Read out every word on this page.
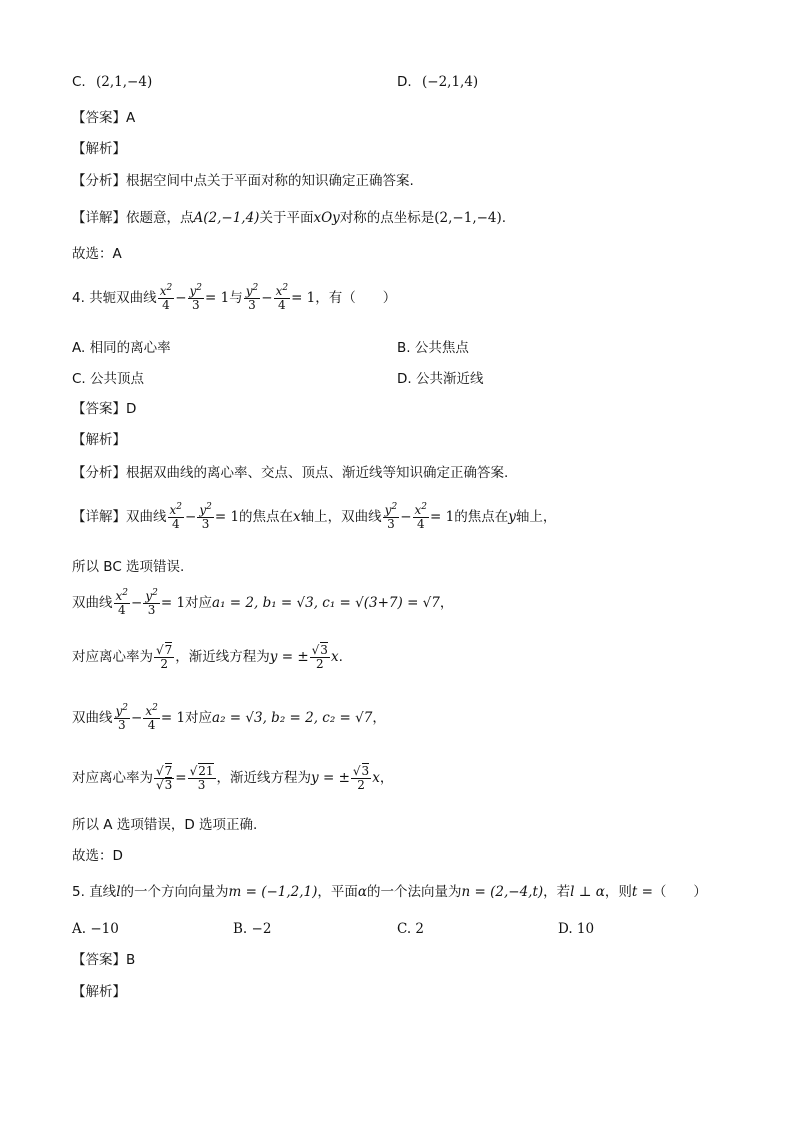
C. (2,1,−4)	D. (−2,1,4)
【答案】A
【解析】
【分析】根据空间中点关于平面对称的知识确定正确答案.
【详解】依题意，点A(2,−1,4)关于平面xOy对称的点坐标是(2,−1,−4).
故选：A
4. 共轭双曲线 $\frac{x^2}{4} - \frac{y^2}{3} = 1$与 $\frac{y^2}{3} - \frac{x^2}{4} = 1$，有（　　）
A. 相同的离心率	B. 公共焦点
C. 公共顶点	D. 公共渐近线
【答案】D
【解析】
【分析】根据双曲线的离心率、交点、顶点、渐近线等知识确定正确答案.
【详解】双曲线 $\frac{x^2}{4} - \frac{y^2}{3} = 1$的焦点在x轴上，双曲线 $\frac{y^2}{3} - \frac{x^2}{4} = 1$的焦点在y轴上，
所以 BC 选项错误.
双曲线 $\frac{x^2}{4} - \frac{y^2}{3} = 1$对应a₁ = 2, b₁ = √3, c₁ = √(3+7) = √7，
对应离心率为 $\frac{√7}{2}$ ，渐近线方程为y = ± $\frac{√3}{2} x$.
双曲线 $\frac{y^2}{3} - \frac{x^2}{4} = 1$对应a₂ = √3, b₂ = 2, c₂ = √7，
对应离心率为 $\frac{√7}{√3} = \frac{√21}{3}$ ，渐近线方程为y = ± $\frac{√3}{2}$ x，
所以 A 选项错误，D 选项正确.
故选：D
5. 直线l的一个方向向量为m = (−1,2,1)，平面α的一个法向量为n = (2,−4,t)，若l ⊥ α，则t =（　　）
A. −10	B. −2	C. 2	D. 10
【答案】B
【解析】
